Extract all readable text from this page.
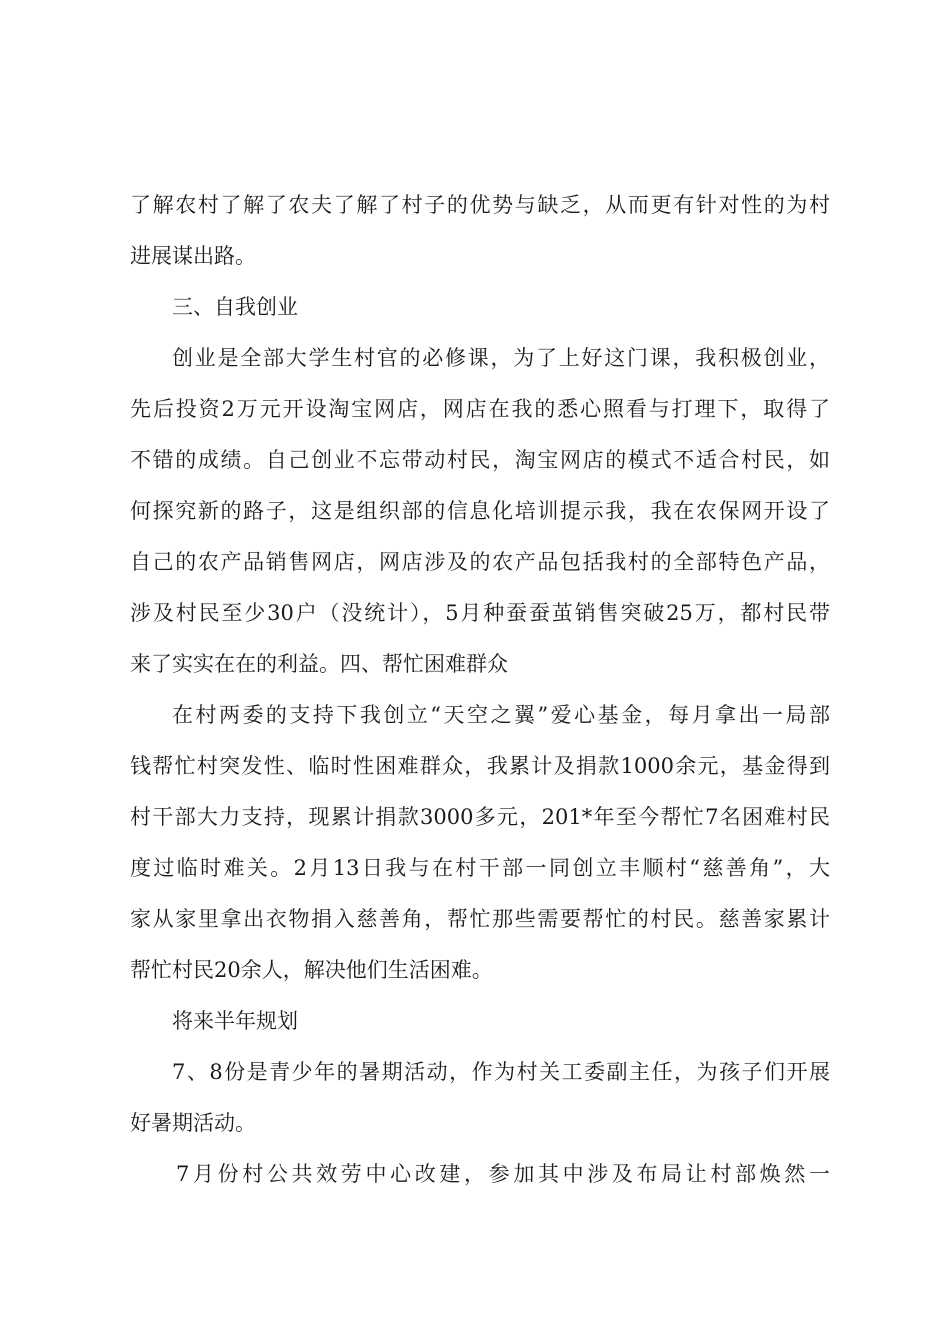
了解农村了解了农夫了解了村子的优势与缺乏，从而更有针对性的为村
进展谋出路。
三、自我创业
创业是全部大学生村官的必修课，为了上好这门课，我积极创业，
先后投资2万元开设淘宝网店，网店在我的悉心照看与打理下，取得了
不错的成绩。自己创业不忘带动村民，淘宝网店的模式不适合村民，如
何探究新的路子，这是组织部的信息化培训提示我，我在农保网开设了
自己的农产品销售网店，网店涉及的农产品包括我村的全部特色产品，
涉及村民至少30户（没统计），5月种蚕蚕茧销售突破25万，都村民带
来了实实在在的利益。四、帮忙困难群众
在村两委的支持下我创立“天空之翼”爱心基金，每月拿出一局部
钱帮忙村突发性、临时性困难群众，我累计及捐款1000余元，基金得到
村干部大力支持，现累计捐款3000多元，201*年至今帮忙7名困难村民
度过临时难关。2月13日我与在村干部一同创立丰顺村“慈善角”，大
家从家里拿出衣物捐入慈善角，帮忙那些需要帮忙的村民。慈善家累计
帮忙村民20余人，解决他们生活困难。
将来半年规划
7、8份是青少年的暑期活动，作为村关工委副主任，为孩子们开展
好暑期活动。
7月份村公共效劳中心改建，参加其中涉及布局让村部焕然一
